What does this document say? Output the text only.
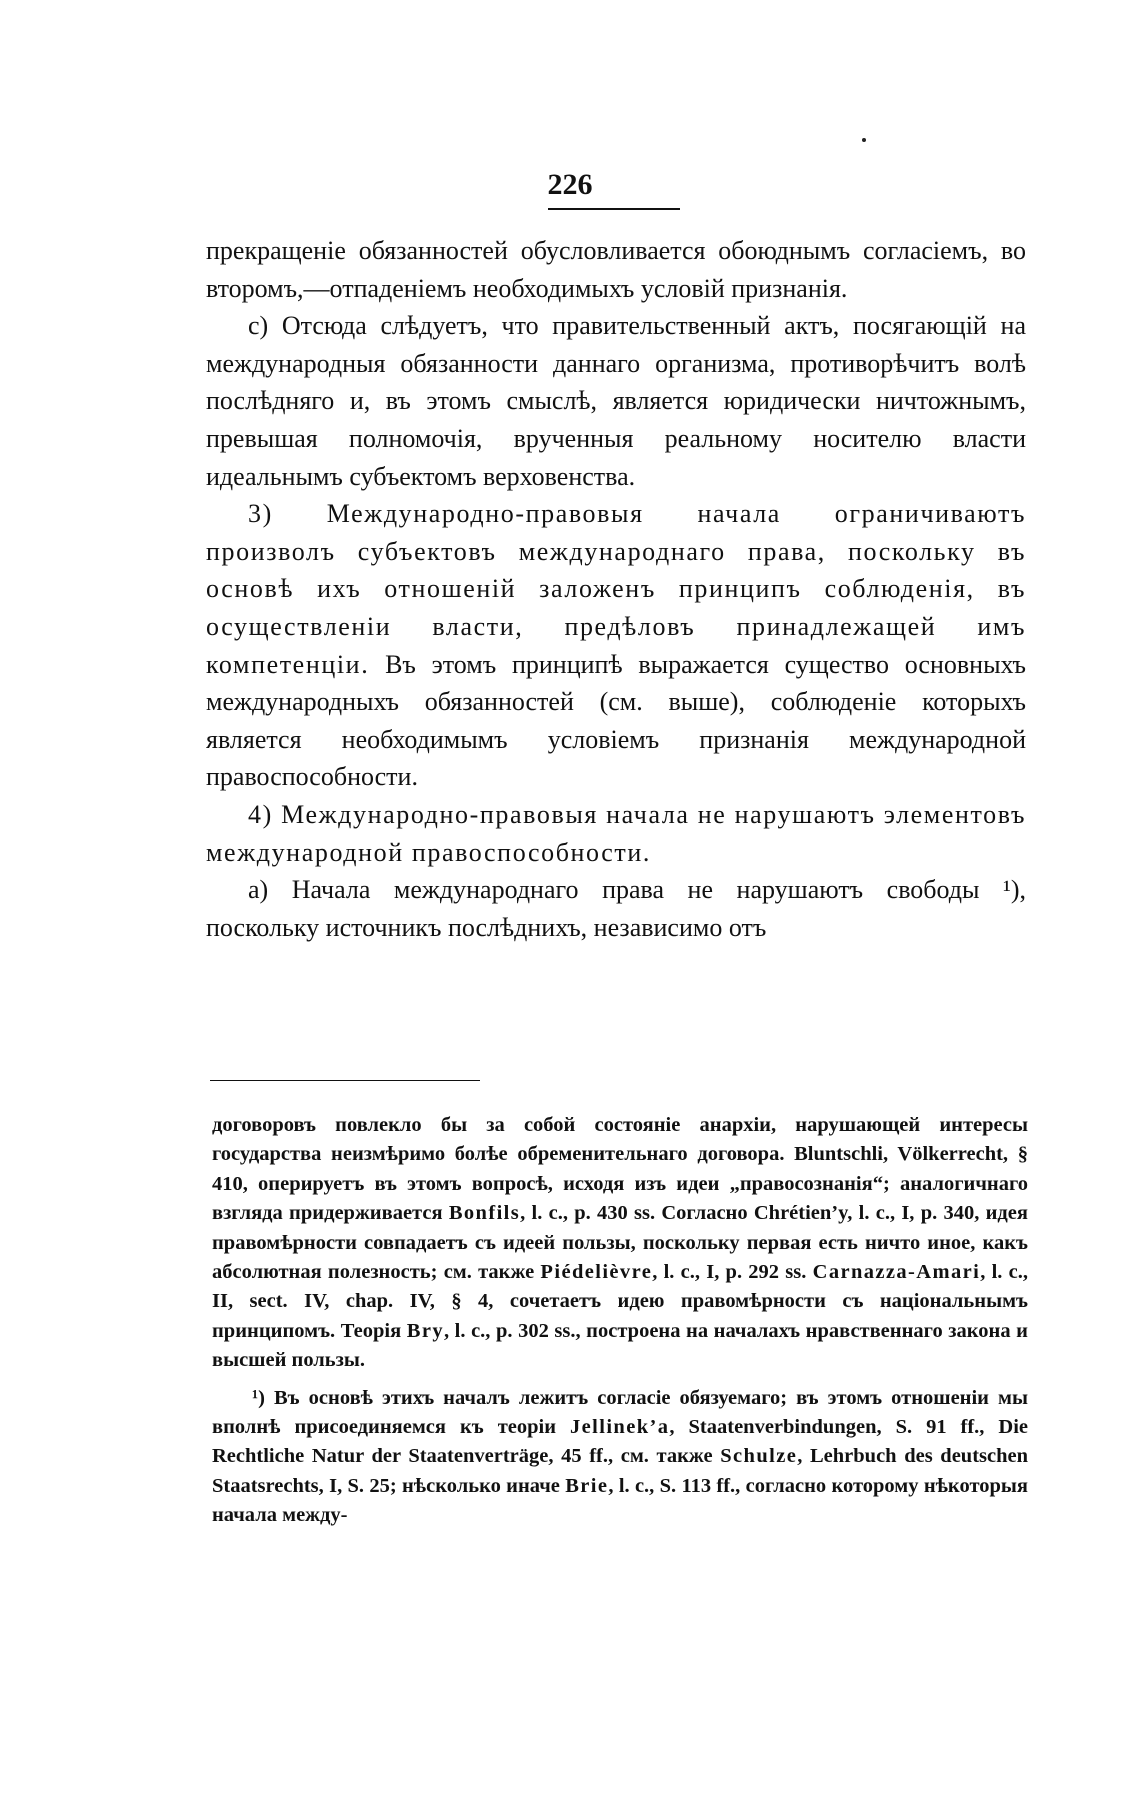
226

прекращеніе обязанностей обусловливается обоюднымъ согласіемъ, во второмъ,—отпаденіемъ необходимыхъ условій признанія.

c) Отсюда слѣдуетъ, что правительственный актъ, посягающій на международныя обязанности даннаго организма, противорѣчитъ волѣ послѣдняго и, въ этомъ смыслѣ, является юридически ничтожнымъ, превышая полномочія, врученныя реальному носителю власти идеальнымъ субъектомъ верховенства.

3) Международно-правовыя начала ограничиваютъ произволъ субъектовъ международнаго права, поскольку въ основѣ ихъ отношеній заложенъ принципъ соблюденія, въ осуществленіи власти, предѣловъ принадлежащей имъ компетенціи. Въ этомъ принципѣ выражается существо основныхъ международныхъ обязанностей (см. выше), соблюденіе которыхъ является необходимымъ условіемъ признанія международной правоспособности.

4) Международно-правовыя начала не нарушаютъ элементовъ международной правоспособности.

a) Начала международнаго права не нарушаютъ свободы ¹), поскольку источникъ послѣднихъ, независимо отъ

договоровъ повлекло бы за собой состояніе анархіи, нарушающей интересы государства неизмѣримо болѣе обременительнаго договора. Bluntschli, Völkerrecht, § 410, оперируетъ въ этомъ вопросѣ, исходя изъ идеи „правосознанія“; аналогичнаго взгляда придерживается Bonfils, l. c., p. 430 ss. Согласно Chrétien’y, l. c., I, p. 340, идея правомѣрности совпадаетъ съ идеей пользы, поскольку первая есть ничто иное, какъ абсолютная полезность; см. также Piédelièvre, l. c., I, p. 292 ss. Carnazza-Amari, l. c., II, sect. IV, chap. IV, § 4, сочетаетъ идею правомѣрности съ національнымъ принципомъ. Теорія Bry, l. c., p. 302 ss., построена на началахъ нравственнаго закона и высшей пользы.

¹) Въ основѣ этихъ началъ лежитъ согласіе обязуемаго; въ этомъ отношеніи мы вполнѣ присоединяемся къ теоріи Jellinek’a, Staatenverbindungen, S. 91 ff., Die Rechtliche Natur der Staatenverträge, 45 ff., см. также Schulze, Lehrbuch des deutschen Staatsrechts, I, S. 25; нѣсколько иначе Brie, l. c., S. 113 ff., согласно которому нѣкоторыя начала между-
